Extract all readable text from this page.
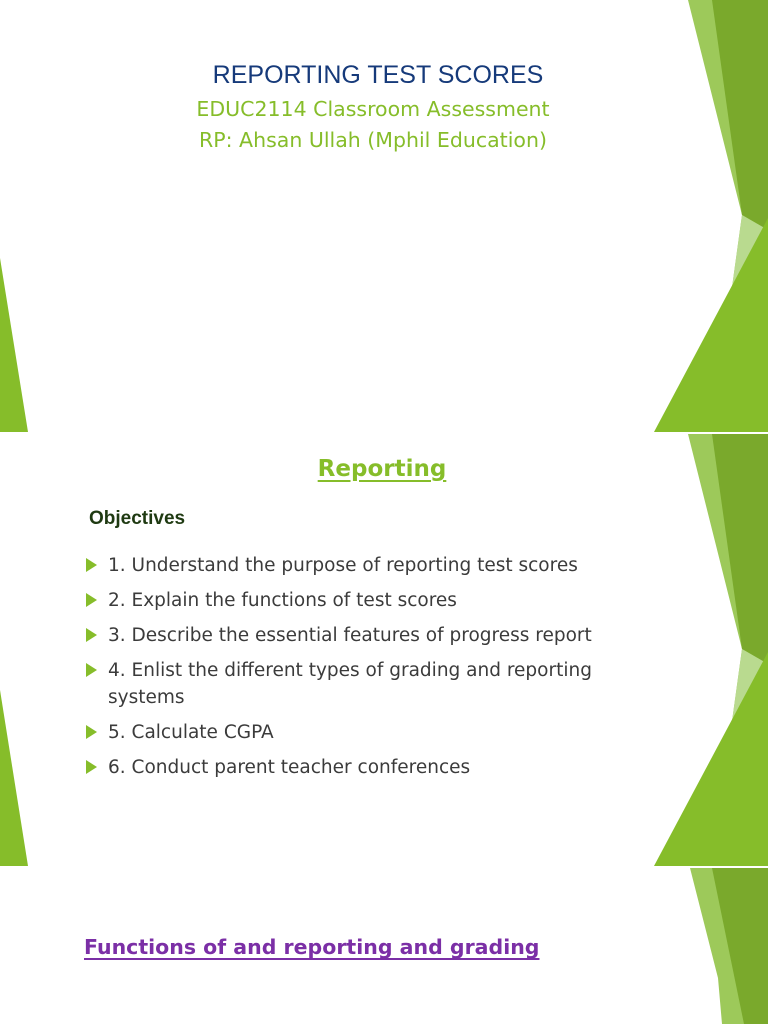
REPORTING TEST SCORES

EDUC2114 Classroom Assessment

RP: Ahsan Ullah (Mphil Education)

Reporting
Objectives
1. Understand the purpose of reporting test scores
2. Explain the functions of test scores
3. Describe the essential features of progress report
4. Enlist the different types of grading and reporting systems
5. Calculate CGPA
6. Conduct parent teacher conferences
Functions of and reporting and grading
